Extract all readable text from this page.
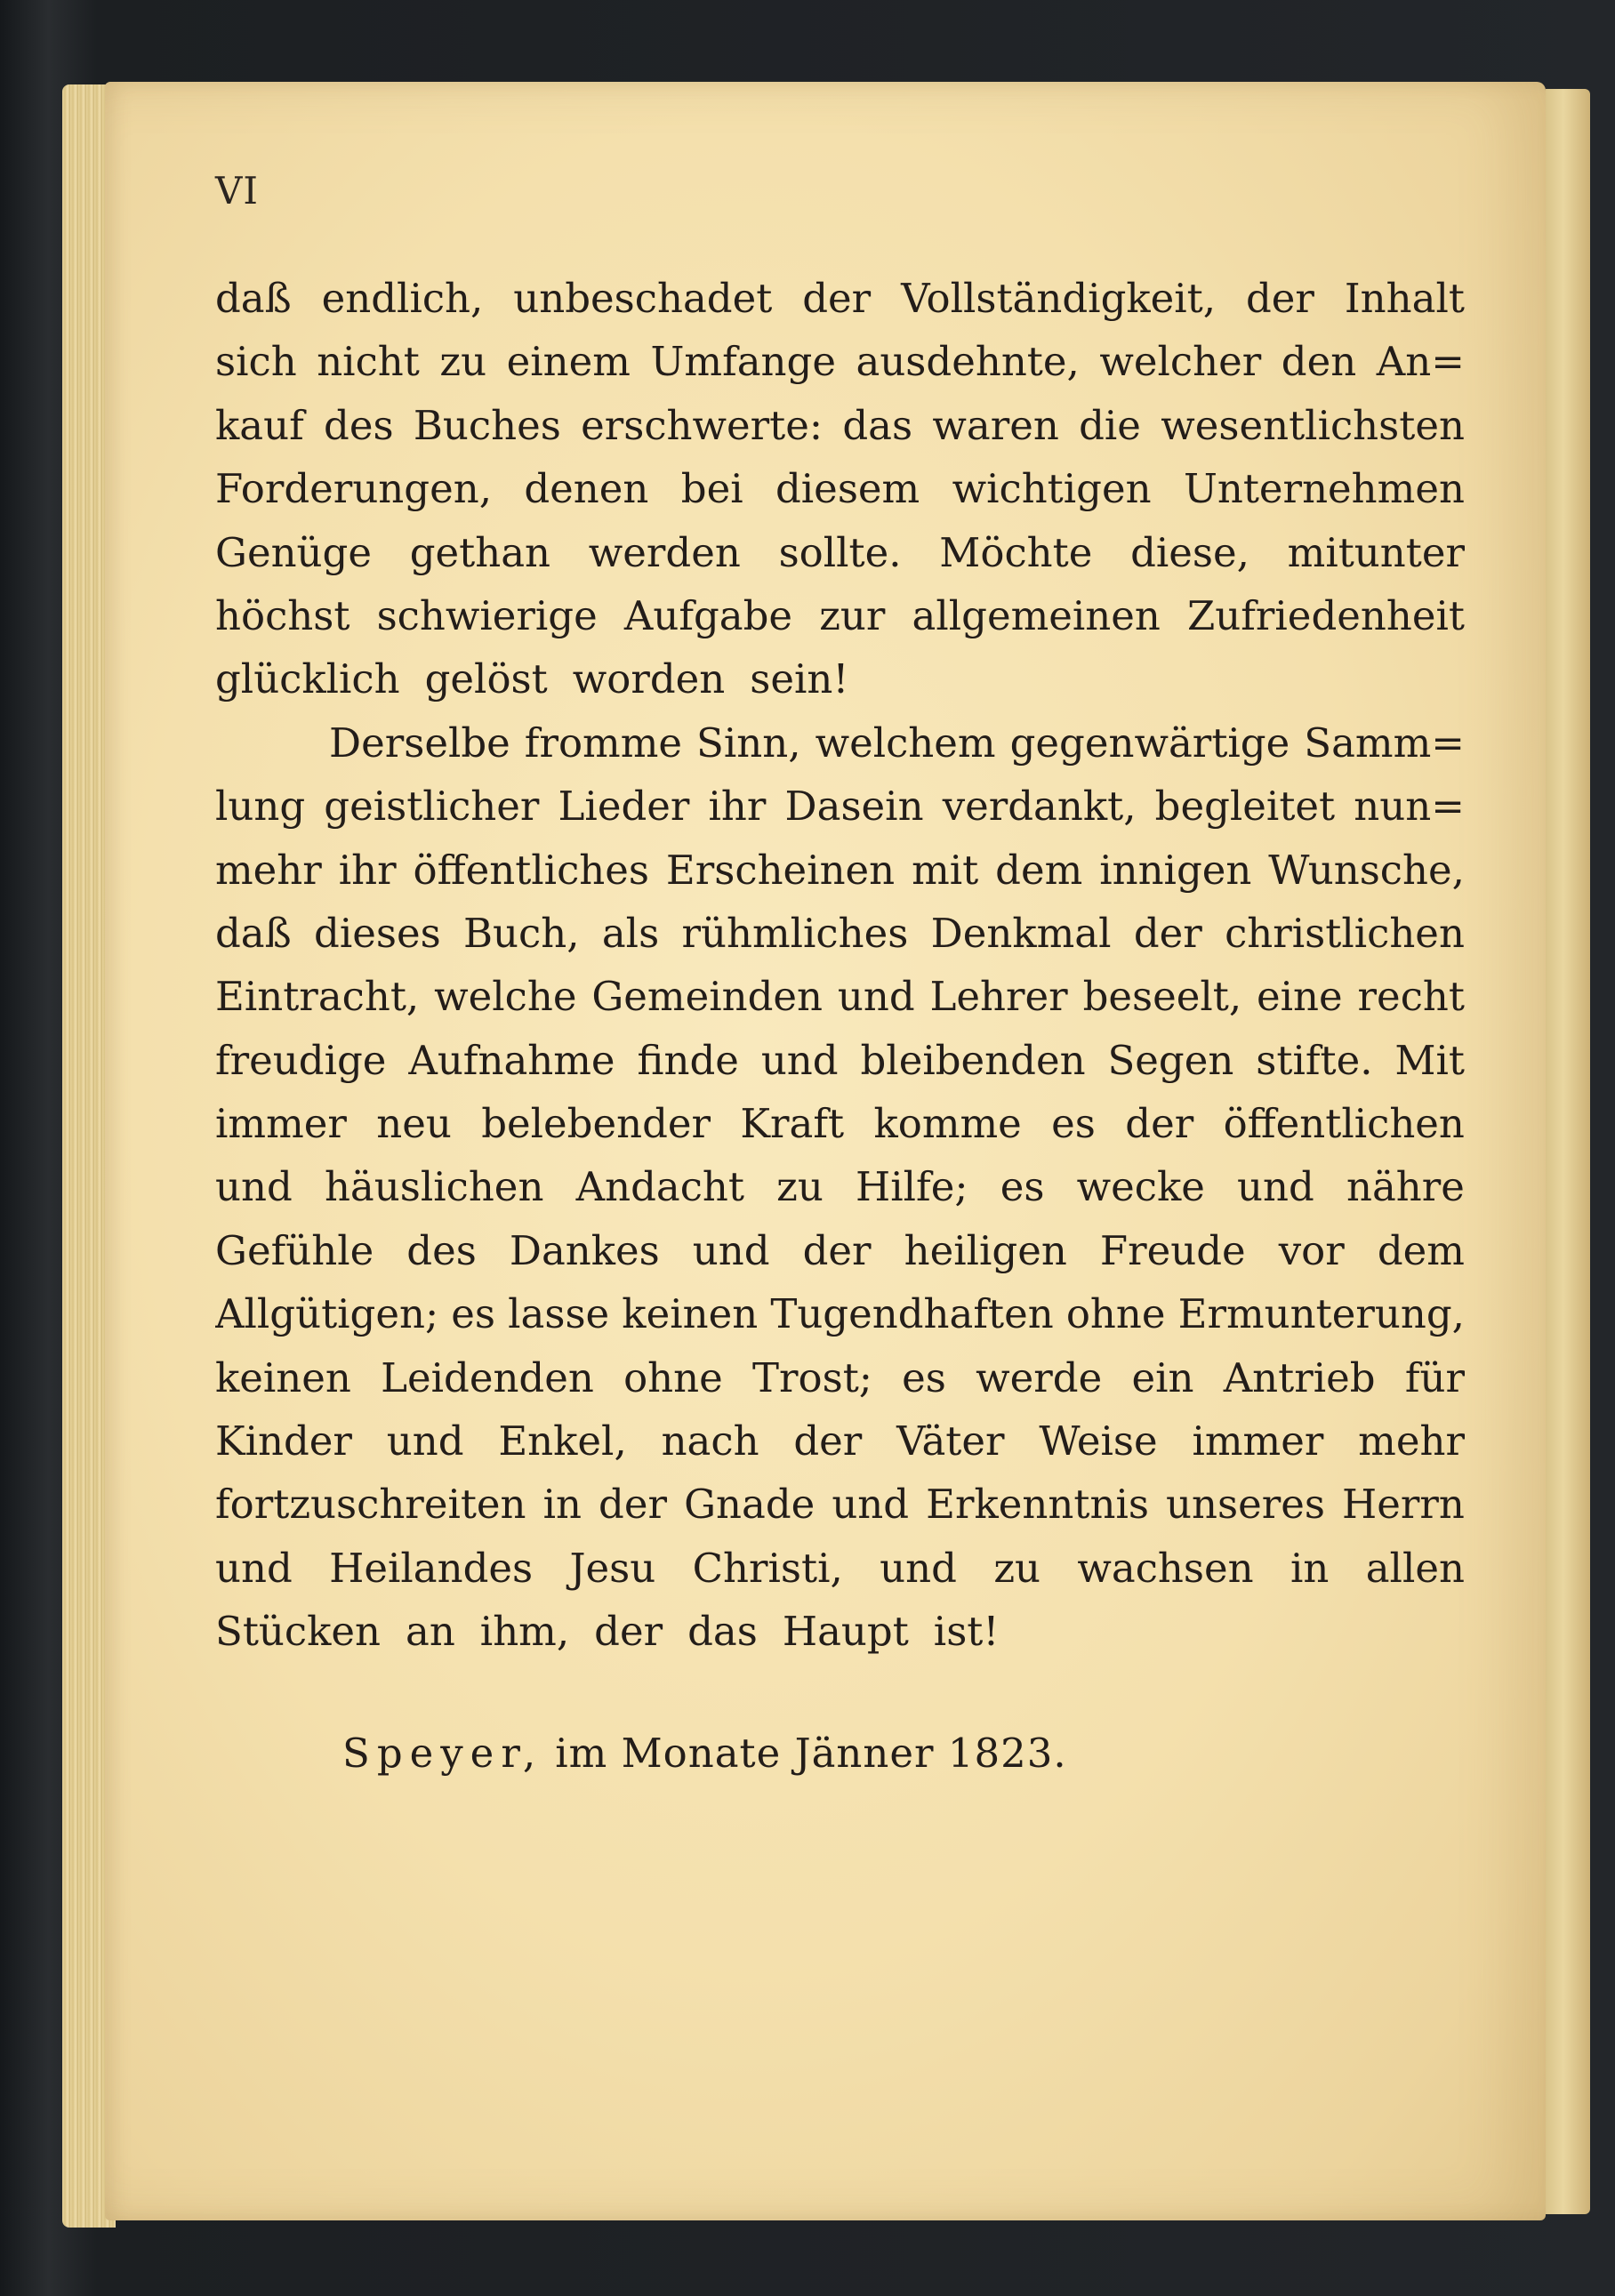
VI
daß endlich, unbeschadet der Vollständigkeit, der Inhalt
sich nicht zu einem Umfange ausdehnte, welcher den An=
kauf des Buches erschwerte: das waren die wesentlichsten
Forderungen, denen bei diesem wichtigen Unternehmen
Genüge gethan werden sollte. Möchte diese, mitunter
höchst schwierige Aufgabe zur allgemeinen Zufriedenheit
glücklich gelöst worden sein!
Derselbe fromme Sinn, welchem gegenwärtige Samm=
lung geistlicher Lieder ihr Dasein verdankt, begleitet nun=
mehr ihr öffentliches Erscheinen mit dem innigen Wunsche,
daß dieses Buch, als rühmliches Denkmal der christlichen
Eintracht, welche Gemeinden und Lehrer beseelt, eine recht
freudige Aufnahme finde und bleibenden Segen stifte. Mit
immer neu belebender Kraft komme es der öffentlichen
und häuslichen Andacht zu Hilfe; es wecke und nähre
Gefühle des Dankes und der heiligen Freude vor dem
Allgütigen; es lasse keinen Tugendhaften ohne Ermunterung,
keinen Leidenden ohne Trost; es werde ein Antrieb für
Kinder und Enkel, nach der Väter Weise immer mehr
fortzuschreiten in der Gnade und Erkenntnis unseres Herrn
und Heilandes Jesu Christi, und zu wachsen in allen
Stücken an ihm, der das Haupt ist!
Speyer, im Monate Jänner 1823.
